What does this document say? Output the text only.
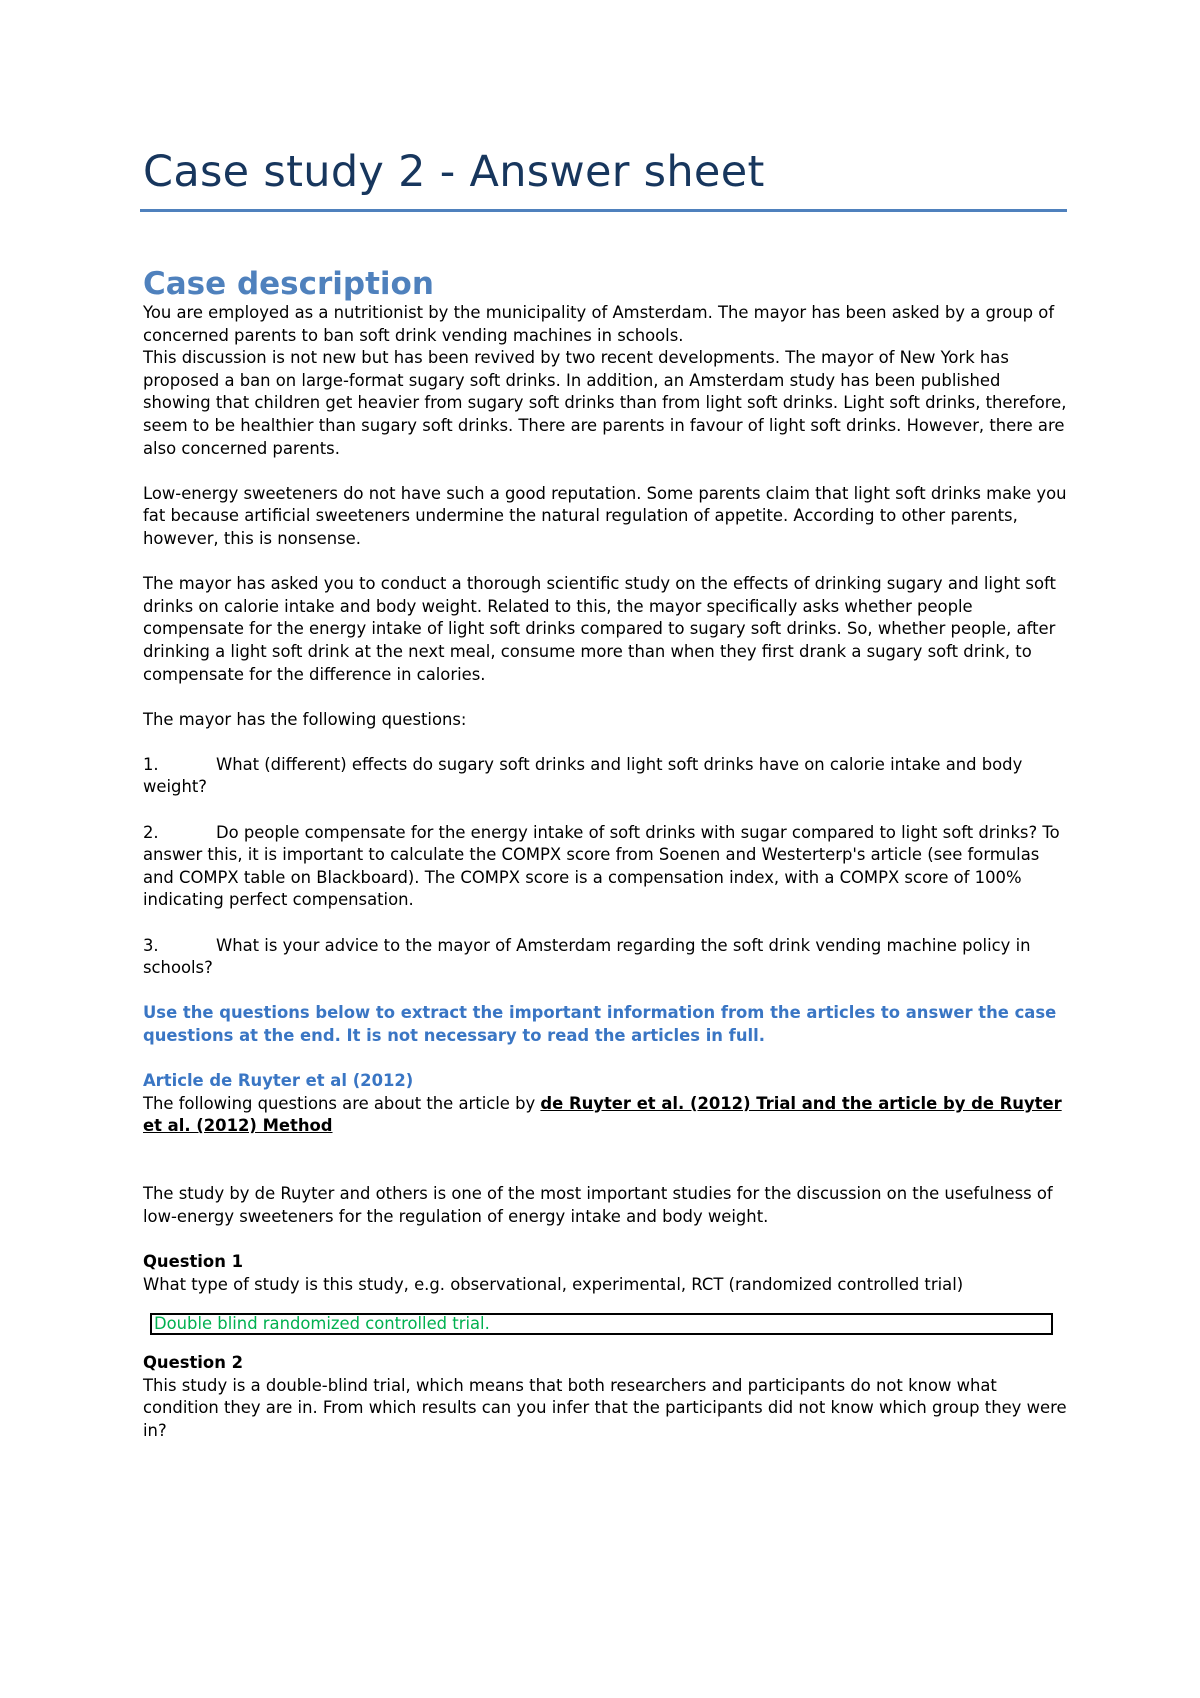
Case study 2 - Answer sheet
Case description

You are employed as a nutritionist by the municipality of Amsterdam. The mayor has been asked by a group of concerned parents to ban soft drink vending machines in schools.

This discussion is not new but has been revived by two recent developments. The mayor of New York has proposed a ban on large-format sugary soft drinks. In addition, an Amsterdam study has been published showing that children get heavier from sugary soft drinks than from light soft drinks. Light soft drinks, therefore, seem to be healthier than sugary soft drinks. There are parents in favour of light soft drinks. However, there are also concerned parents.

Low-energy sweeteners do not have such a good reputation. Some parents claim that light soft drinks make you fat because artificial sweeteners undermine the natural regulation of appetite. According to other parents, however, this is nonsense.

The mayor has asked you to conduct a thorough scientific study on the effects of drinking sugary and light soft drinks on calorie intake and body weight. Related to this, the mayor specifically asks whether people compensate for the energy intake of light soft drinks compared to sugary soft drinks. So, whether people, after drinking a light soft drink at the next meal, consume more than when they first drank a sugary soft drink, to compensate for the difference in calories.

The mayor has the following questions:

1.	What (different) effects do sugary soft drinks and light soft drinks have on calorie intake and body weight?

2.	Do people compensate for the energy intake of soft drinks with sugar compared to light soft drinks? To answer this, it is important to calculate the COMPX score from Soenen and Westerterp's article (see formulas and COMPX table on Blackboard). The COMPX score is a compensation index, with a COMPX score of 100% indicating perfect compensation.

3.	What is your advice to the mayor of Amsterdam regarding the soft drink vending machine policy in schools?

Use the questions below to extract the important information from the articles to answer the case questions at the end. It is not necessary to read the articles in full.

Article de Ruyter et al (2012)

The following questions are about the article by de Ruyter et al. (2012) Trial and the article by de Ruyter et al. (2012) Method

The study by de Ruyter and others is one of the most important studies for the discussion on the usefulness of low-energy sweeteners for the regulation of energy intake and body weight.

Question 1

What type of study is this study, e.g. observational, experimental, RCT (randomized controlled trial)

Double blind randomized controlled trial.

Question 2

This study is a double-blind trial, which means that both researchers and participants do not know what condition they are in. From which results can you infer that the participants did not know which group they were in?
